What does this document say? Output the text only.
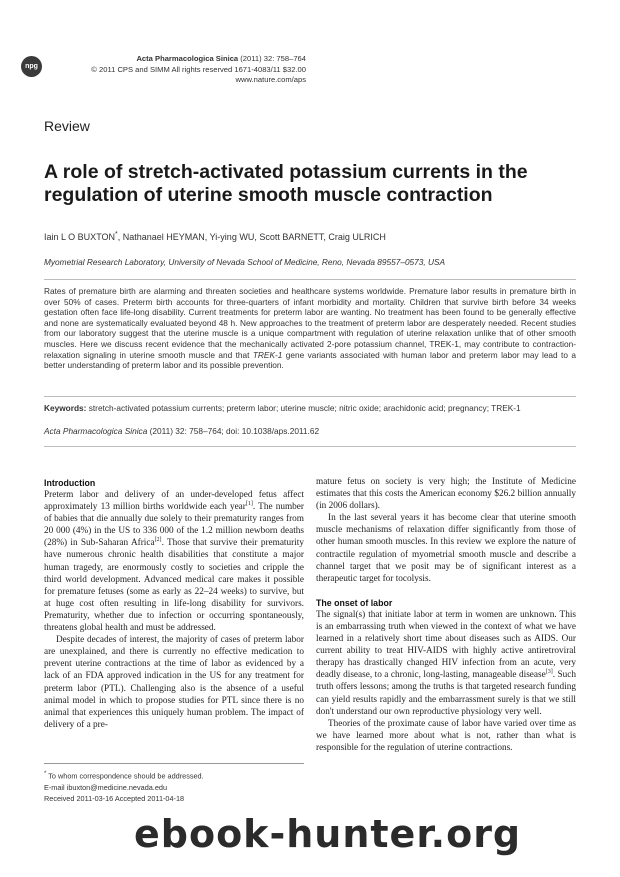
npg
Acta Pharmacologica Sinica (2011) 32: 758–764
© 2011 CPS and SIMM All rights reserved 1671-4083/11 $32.00
www.nature.com/aps
Review
A role of stretch-activated potassium currents in the regulation of uterine smooth muscle contraction
Iain L O BUXTON*, Nathanael HEYMAN, Yi-ying WU, Scott BARNETT, Craig ULRICH
Myometrial Research Laboratory, University of Nevada School of Medicine, Reno, Nevada 89557–0573, USA
Rates of premature birth are alarming and threaten societies and healthcare systems worldwide. Premature labor results in premature birth in over 50% of cases. Preterm birth accounts for three-quarters of infant morbidity and mortality. Children that survive birth before 34 weeks gestation often face life-long disability. Current treatments for preterm labor are wanting. No treatment has been found to be generally effective and none are systematically evaluated beyond 48 h. New approaches to the treatment of preterm labor are desperately needed. Recent studies from our laboratory suggest that the uterine muscle is a unique compartment with regulation of uterine relaxation unlike that of other smooth muscles. Here we discuss recent evidence that the mechanically activated 2-pore potassium channel, TREK-1, may contribute to contraction-relaxation signaling in uterine smooth muscle and that TREK-1 gene variants associated with human labor and preterm labor may lead to a better understanding of preterm labor and its possible prevention.
Keywords: stretch-activated potassium currents; preterm labor; uterine muscle; nitric oxide; arachidonic acid; pregnancy; TREK-1
Acta Pharmacologica Sinica (2011) 32: 758–764; doi: 10.1038/aps.2011.62
Introduction

Preterm labor and delivery of an under-developed fetus affect approximately 13 million births worldwide each year[1]. The number of babies that die annually due solely to their prematurity ranges from 20 000 (4%) in the US to 336 000 of the 1.2 million newborn deaths (28%) in Sub-Saharan Africa[2]. Those that survive their prematurity have numerous chronic health disabilities that constitute a major human tragedy, are enormously costly to societies and cripple the third world development. Advanced medical care makes it possible for premature fetuses (some as early as 22–24 weeks) to survive, but at huge cost often resulting in life-long disability for survivors. Prematurity, whether due to infection or occurring spontaneously, threatens global health and must be addressed.

Despite decades of interest, the majority of cases of preterm labor are unexplained, and there is currently no effective medication to prevent uterine contractions at the time of labor as evidenced by a lack of an FDA approved indication in the US for any treatment for preterm labor (PTL). Challenging also is the absence of a useful animal model in which to propose studies for PTL since there is no animal that experiences this uniquely human problem. The impact of delivery of a pre-

mature fetus on society is very high; the Institute of Medicine estimates that this costs the American economy $26.2 billion annually (in 2006 dollars).

In the last several years it has become clear that uterine smooth muscle mechanisms of relaxation differ significantly from those of other human smooth muscles. In this review we explore the nature of contractile regulation of myometrial smooth muscle and describe a channel target that we posit may be of significant interest as a therapeutic target for tocolysis.

The onset of labor

The signal(s) that initiate labor at term in women are unknown. This is an embarrassing truth when viewed in the context of what we have learned in a relatively short time about diseases such as AIDS. Our current ability to treat HIV-AIDS with highly active antiretroviral therapy has drastically changed HIV infection from an acute, very deadly disease, to a chronic, long-lasting, manageable disease[3]. Such truth offers lessons; among the truths is that targeted research funding can yield results rapidly and the embarrassment surely is that we still don't understand our own reproductive physiology very well.

Theories of the proximate cause of labor have varied over time as we have learned more about what is not, rather than what is responsible for the regulation of uterine contractions.

* To whom correspondence should be addressed.
E-mail ibuxton@medicine.nevada.edu
Received 2011-03-16 Accepted 2011-04-18
ebook-hunter.org
